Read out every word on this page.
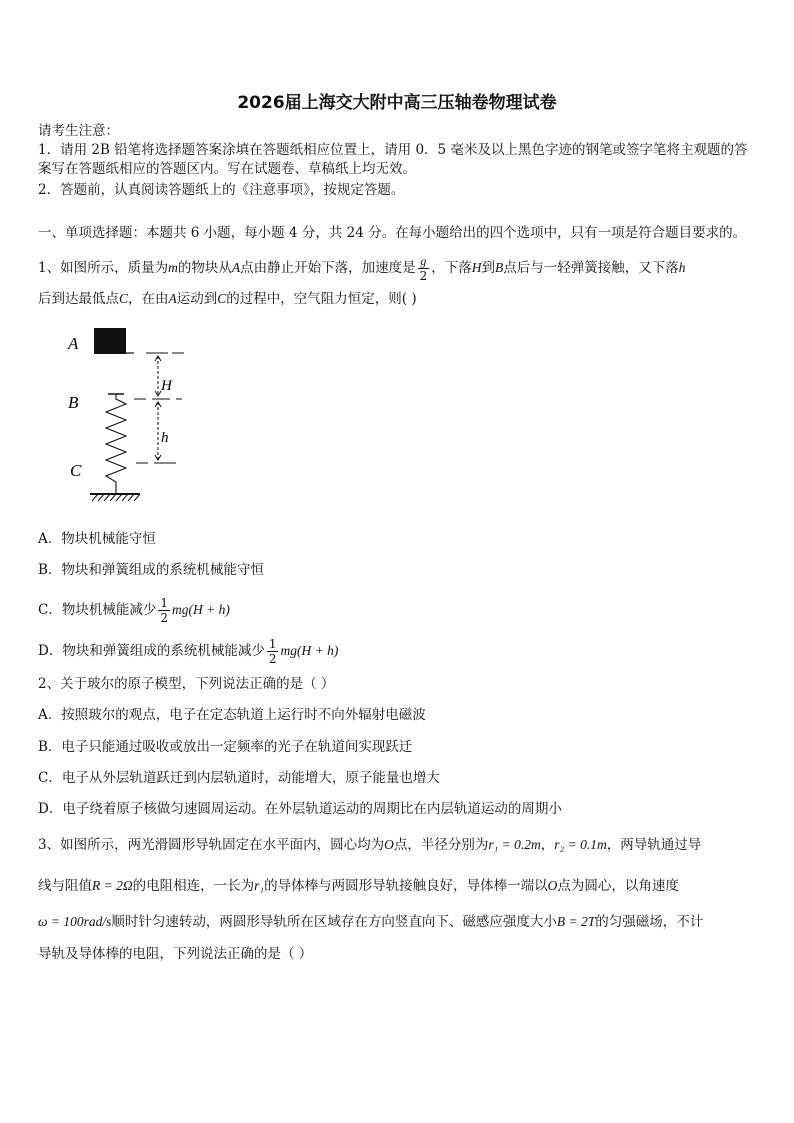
2026届上海交大附中高三压轴卷物理试卷
请考生注意：
1．请用 2B 铅笔将选择题答案涂填在答题纸相应位置上，请用 0．5 毫米及以上黑色字迹的钢笔或签字笔将主观题的答
案写在答题纸相应的答题区内。写在试题卷、草稿纸上均无效。
2．答题前，认真阅读答题纸上的《注意事项》，按规定答题。
一、单项选择题：本题共 6 小题，每小题 4 分，共 24 分。在每小题给出的四个选项中，只有一项是符合题目要求的。
1、如图所示，质量为m的物块从A点由静止开始下落，加速度是 $\frac{g}{2}$ ，下落H到B点后与一轻弹簧接触，又下落h
后到达最低点C，在由A运动到C的过程中，空气阻力恒定，则( )
A
B
C
H
h
A．物块机械能守恒
B．物块和弹簧组成的系统机械能守恒
C．物块机械能减少 $\frac{1}{2} mg(H + h)$
D．物块和弹簧组成的系统机械能减少 $\frac{1}{2} mg(H + h)$
2、关于玻尔的原子模型，下列说法正确的是（ ）
A．按照玻尔的观点，电子在定态轨道上运行时不向外辐射电磁波
B．电子只能通过吸收或放出一定频率的光子在轨道间实现跃迁
C．电子从外层轨道跃迁到内层轨道时，动能增大，原子能量也增大
D．电子绕着原子核做匀速圆周运动。在外层轨道运动的周期比在内层轨道运动的周期小
3、如图所示，两光滑圆形导轨固定在水平面内，圆心均为O点，半径分别为r₁ = 0.2m，r₂ = 0.1m，两导轨通过导
线与阻值R = 2Ω的电阻相连，一长为r₁的导体棒与两圆形导轨接触良好，导体棒一端以O点为圆心，以角速度
ω = 100rad/s顺时针匀速转动，两圆形导轨所在区域存在方向竖直向下、磁感应强度大小B = 2T的匀强磁场，不计
导轨及导体棒的电阻，下列说法正确的是（ ）
